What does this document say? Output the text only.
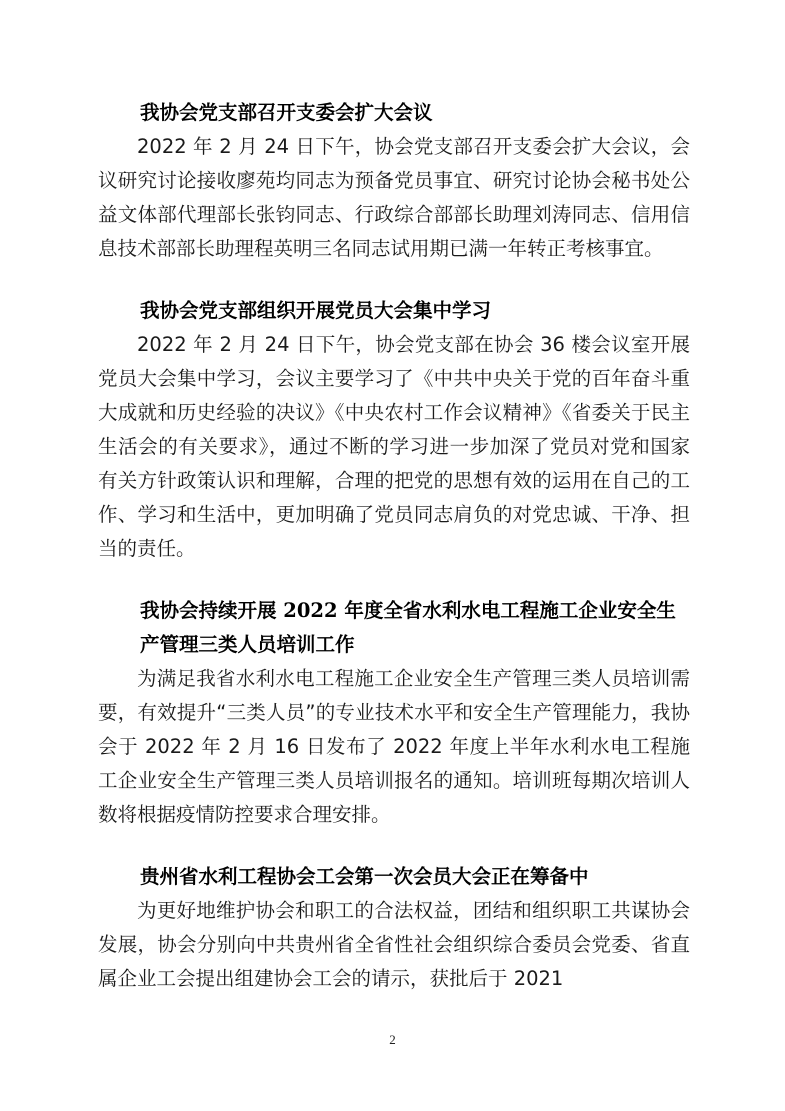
我协会党支部召开支委会扩大会议

2022 年 2 月 24 日下午，协会党支部召开支委会扩大会议，会议研究讨论接收廖苑均同志为预备党员事宜、研究讨论协会秘书处公益文体部代理部长张钧同志、行政综合部部长助理刘涛同志、信用信息技术部部长助理程英明三名同志试用期已满一年转正考核事宜。

我协会党支部组织开展党员大会集中学习

2022 年 2 月 24 日下午，协会党支部在协会 36 楼会议室开展党员大会集中学习，会议主要学习了《中共中央关于党的百年奋斗重大成就和历史经验的决议》《中央农村工作会议精神》《省委关于民主生活会的有关要求》，通过不断的学习进一步加深了党员对党和国家有关方针政策认识和理解，合理的把党的思想有效的运用在自己的工作、学习和生活中，更加明确了党员同志肩负的对党忠诚、干净、担当的责任。

我协会持续开展 2022 年度全省水利水电工程施工企业安全生产管理三类人员培训工作

为满足我省水利水电工程施工企业安全生产管理三类人员培训需要，有效提升“三类人员”的专业技术水平和安全生产管理能力，我协会于 2022 年 2 月 16 日发布了 2022 年度上半年水利水电工程施工企业安全生产管理三类人员培训报名的通知。培训班每期次培训人数将根据疫情防控要求合理安排。

贵州省水利工程协会工会第一次会员大会正在筹备中

为更好地维护协会和职工的合法权益，团结和组织职工共谋协会发展，协会分别向中共贵州省全省性社会组织综合委员会党委、省直属企业工会提出组建协会工会的请示，获批后于 2021

2
